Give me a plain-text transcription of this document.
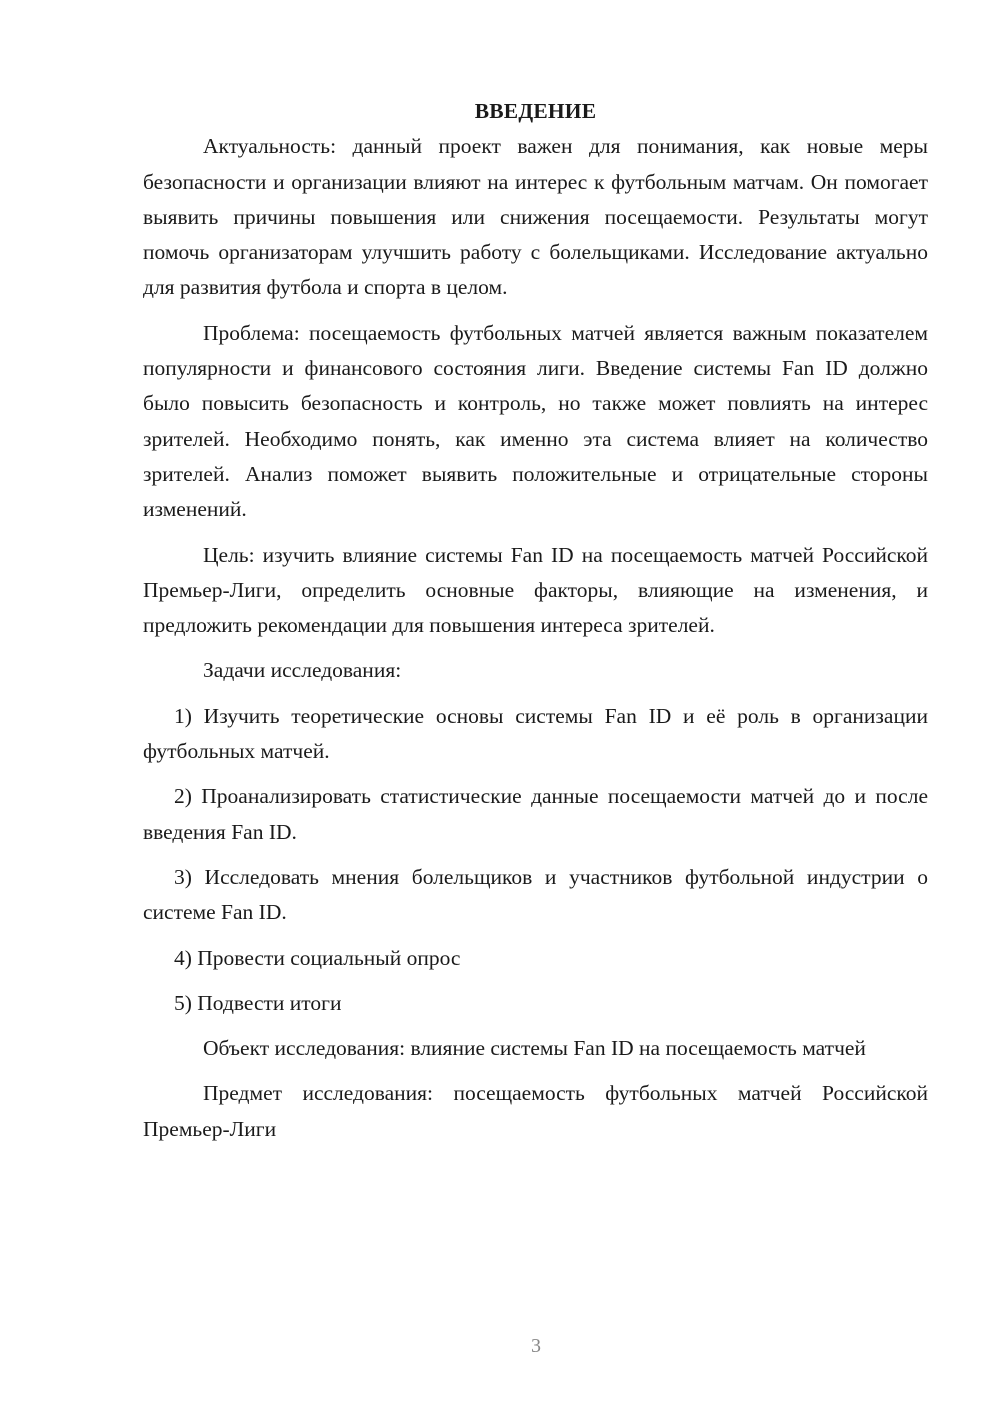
ВВЕДЕНИЕ

Актуальность: данный проект важен для понимания, как новые меры безопасности и организации влияют на интерес к футбольным матчам. Он помогает выявить причины повышения или снижения посещаемости. Результаты могут помочь организаторам улучшить работу с болельщиками. Исследование актуально для развития футбола и спорта в целом.

Проблема: посещаемость футбольных матчей является важным показателем популярности и финансового состояния лиги. Введение системы Fan ID должно было повысить безопасность и контроль, но также может повлиять на интерес зрителей. Необходимо понять, как именно эта система влияет на количество зрителей. Анализ поможет выявить положительные и отрицательные стороны изменений.

Цель: изучить влияние системы Fan ID на посещаемость матчей Российской Премьер-Лиги, определить основные факторы, влияющие на изменения, и предложить рекомендации для повышения интереса зрителей.

Задачи исследования:

1) Изучить теоретические основы системы Fan ID и её роль в организации футбольных матчей.

2) Проанализировать статистические данные посещаемости матчей до и после введения Fan ID.

3) Исследовать мнения болельщиков и участников футбольной индустрии о системе Fan ID.

4) Провести социальный опрос

5) Подвести итоги

Объект исследования: влияние системы Fan ID на посещаемость матчей

Предмет исследования: посещаемость футбольных матчей Российской Премьер-Лиги

3
